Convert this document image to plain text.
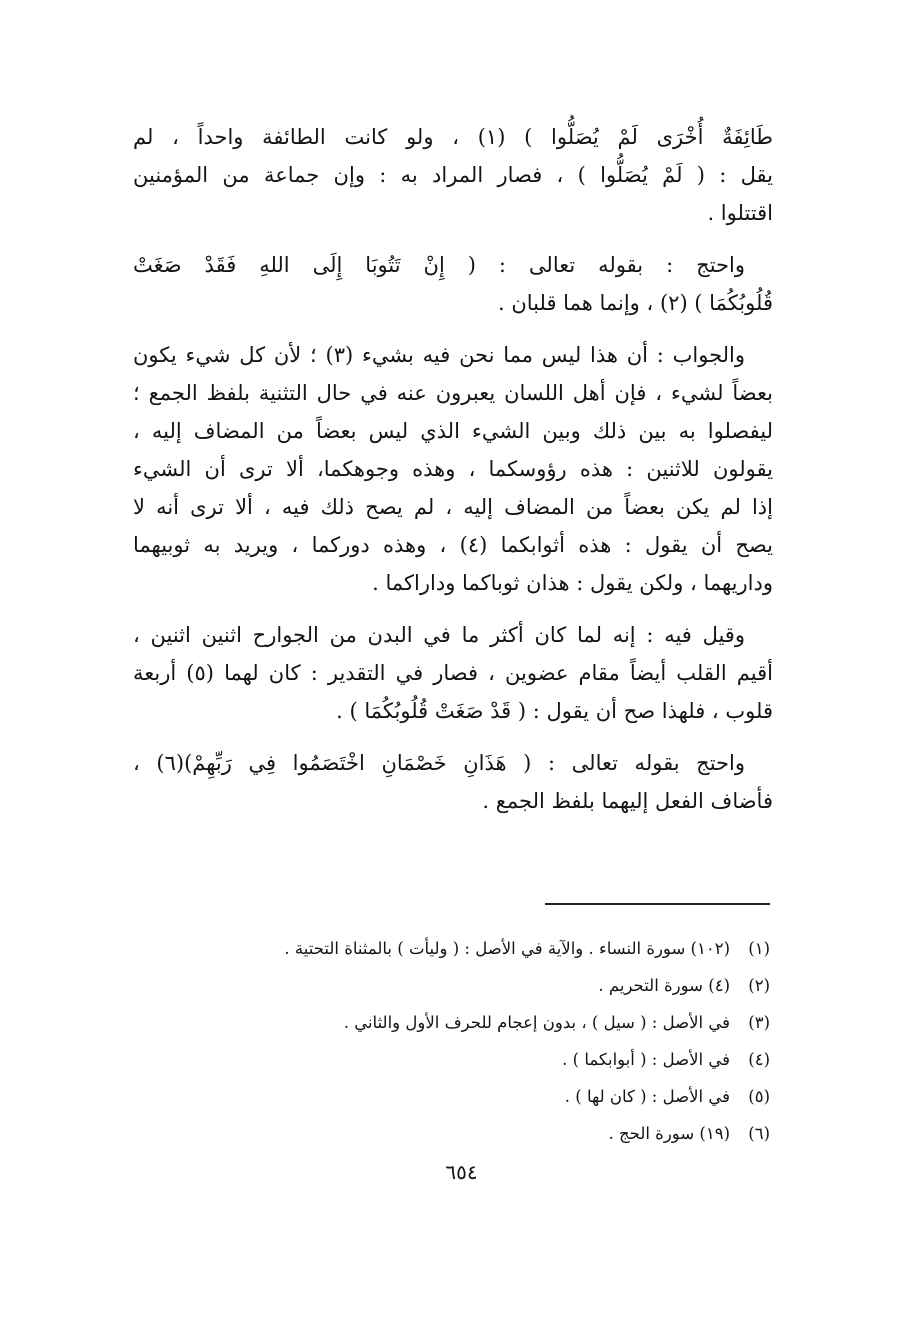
طَائِفَةٌ أُخْرَى لَمْ يُصَلُّوا ) (١) ، ولو كانت الطائفة واحداً ، لم
يقل : ( لَمْ يُصَلُّوا ) ، فصار المراد به : وإن جماعة من المؤمنين
اقتتلوا .

واحتج : بقوله تعالى : ( إِنْ تَتُوبَا إِلَى اللهِ فَقَدْ صَغَتْ
قُلُوبُكُمَا ) (٢) ، وإنما هما قلبان .

والجواب : أن هذا ليس مما نحن فيه بشيء (٣) ؛ لأن كل شيء يكون
بعضاً لشيء ، فإن أهل اللسان يعبرون عنه في حال التثنية بلفظ الجمع ؛
ليفصلوا به بين ذلك وبين الشيء الذي ليس بعضاً من المضاف إليه ،
يقولون للاثنين : هذه رؤوسكما ، وهذه وجوهكما، ألا ترى أن الشيء
إذا لم يكن بعضاً من المضاف إليه ، لم يصح ذلك فيه ، ألا ترى أنه لا
يصح أن يقول : هذه أثوابكما (٤) ، وهذه دوركما ، ويريد به ثوبيهما
وداريهما ، ولكن يقول : هذان ثوباكما وداراكما .

وقيل فيه : إنه لما كان أكثر ما في البدن من الجوارح اثنين اثنين ،
أقيم القلب أيضاً مقام عضوين ، فصار في التقدير : كان لهما (٥) أربعة
قلوب ، فلهذا صح أن يقول : ( قَدْ صَغَتْ قُلُوبُكُمَا ) .

واحتج بقوله تعالى : ( هَذَانِ خَصْمَانِ اخْتَصَمُوا فِي رَبِّهِمْ)(٦) ،
فأضاف الفعل إليهما بلفظ الجمع .

(١)
(١٠٢) سورة النساء . والآية في الأصل : ( وليأت ) بالمثناة التحتية .
(٢)
(٤) سورة التحريم .
(٣)
في الأصل : ( سيل ) ، بدون إعجام للحرف الأول والثاني .
(٤)
في الأصل : ( أبوابكما ) .
(٥)
في الأصل : ( كان لها ) .
(٦)
(١٩) سورة الحج .
٦٥٤
